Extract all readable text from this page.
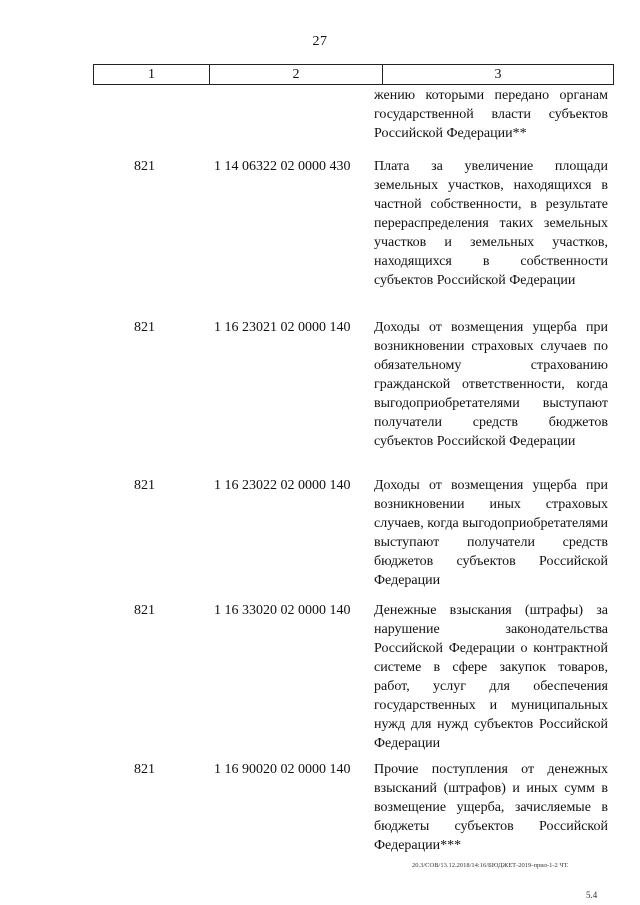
27
1	2	3
жению которыми передано органам государственной власти субъектов Российской Федерации**
821	1 14 06322 02 0000 430	Плата за увеличение площади земельных участков, находящихся в частной собственности, в результате перераспределения таких земельных участков и земельных участков, находящихся в собственности субъектов Российской Федерации
821	1 16 23021 02 0000 140	Доходы от возмещения ущерба при возникновении страховых случаев по обязательному страхованию гражданской ответственности, когда выгодоприобретателями выступают получатели средств бюджетов субъектов Российской Федерации
821	1 16 23022 02 0000 140	Доходы от возмещения ущерба при возникновении иных страховых случаев, когда выгодоприобретателями выступают получатели средств бюджетов субъектов Российской Федерации
821	1 16 33020 02 0000 140	Денежные взыскания (штрафы) за нарушение законодательства Российской Федерации о контрактной системе в сфере закупок товаров, работ, услуг для обеспечения государственных и муниципальных нужд для нужд субъектов Российской Федерации
821	1 16 90020 02 0000 140	Прочие поступления от денежных взысканий (штрафов) и иных сумм в возмещение ущерба, зачисляемые в бюджеты субъектов Российской Федерации***
20.3/СОВ/13.12.2018/14:16/БЮДЖЕТ-2019-прил-1-2 ЧТ.
5.4
